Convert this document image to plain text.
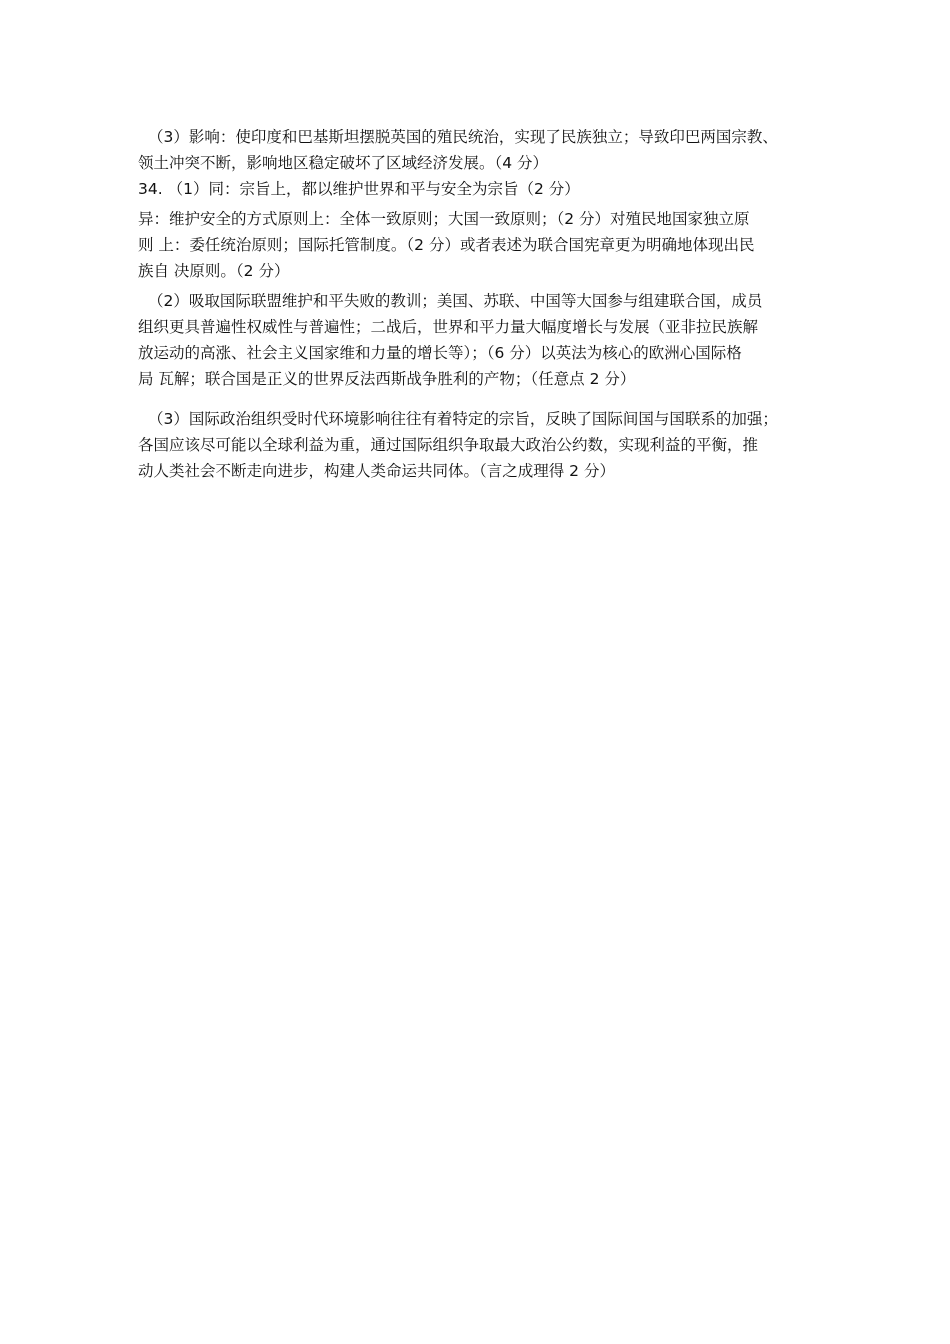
（3）影响：使印度和巴基斯坦摆脱英国的殖民统治，实现了民族独立；导致印巴两国宗教、
领土冲突不断，影响地区稳定破坏了区域经济发展。（4 分）
34. （1）同：宗旨上，都以维护世界和平与安全为宗旨（2 分）
异：维护安全的方式原则上：全体一致原则；大国一致原则；（2 分）对殖民地国家独立原
则 上：委任统治原则；国际托管制度。（2 分）或者表述为联合国宪章更为明确地体现出民
族自 决原则。（2 分）
（2）吸取国际联盟维护和平失败的教训；美国、苏联、中国等大国参与组建联合国，成员
组织更具普遍性权威性与普遍性；二战后，世界和平力量大幅度增长与发展（亚非拉民族解
放运动的高涨、社会主义国家维和力量的增长等）；（6 分）以英法为核心的欧洲心国际格
局 瓦解；联合国是正义的世界反法西斯战争胜利的产物；（任意点 2 分）
（3）国际政治组织受时代环境影响往往有着特定的宗旨，反映了国际间国与国联系的加强；
各国应该尽可能以全球利益为重，通过国际组织争取最大政治公约数，实现利益的平衡，推
动人类社会不断走向进步，构建人类命运共同体。（言之成理得 2 分）
